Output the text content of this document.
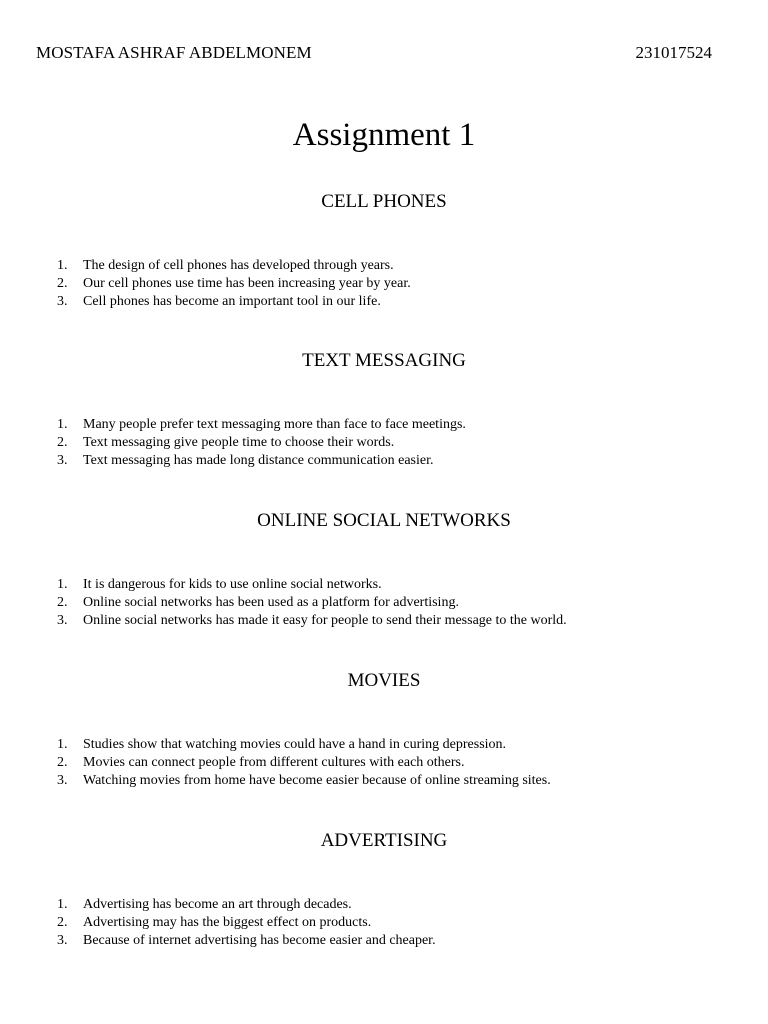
MOSTAFA ASHRAF ABDELMONEM	231017524
Assignment 1
CELL PHONES
1. The design of cell phones has developed through years.
2. Our cell phones use time has been increasing year by year.
3. Cell phones has become an important tool in our life.
TEXT MESSAGING
1. Many people prefer text messaging more than face to face meetings.
2. Text messaging give people time to choose their words.
3. Text messaging has made long distance communication easier.
ONLINE SOCIAL NETWORKS
1. It is dangerous for kids to use online social networks.
2. Online social networks has been used as a platform for advertising.
3. Online social networks has made it easy for people to send their message to the world.
MOVIES
1. Studies show that watching movies could have a hand in curing depression.
2. Movies can connect people from different cultures with each others.
3. Watching movies from home have become easier because of online streaming sites.
ADVERTISING
1. Advertising has become an art through decades.
2. Advertising may has the biggest effect on products.
3. Because of internet advertising has become easier and cheaper.
